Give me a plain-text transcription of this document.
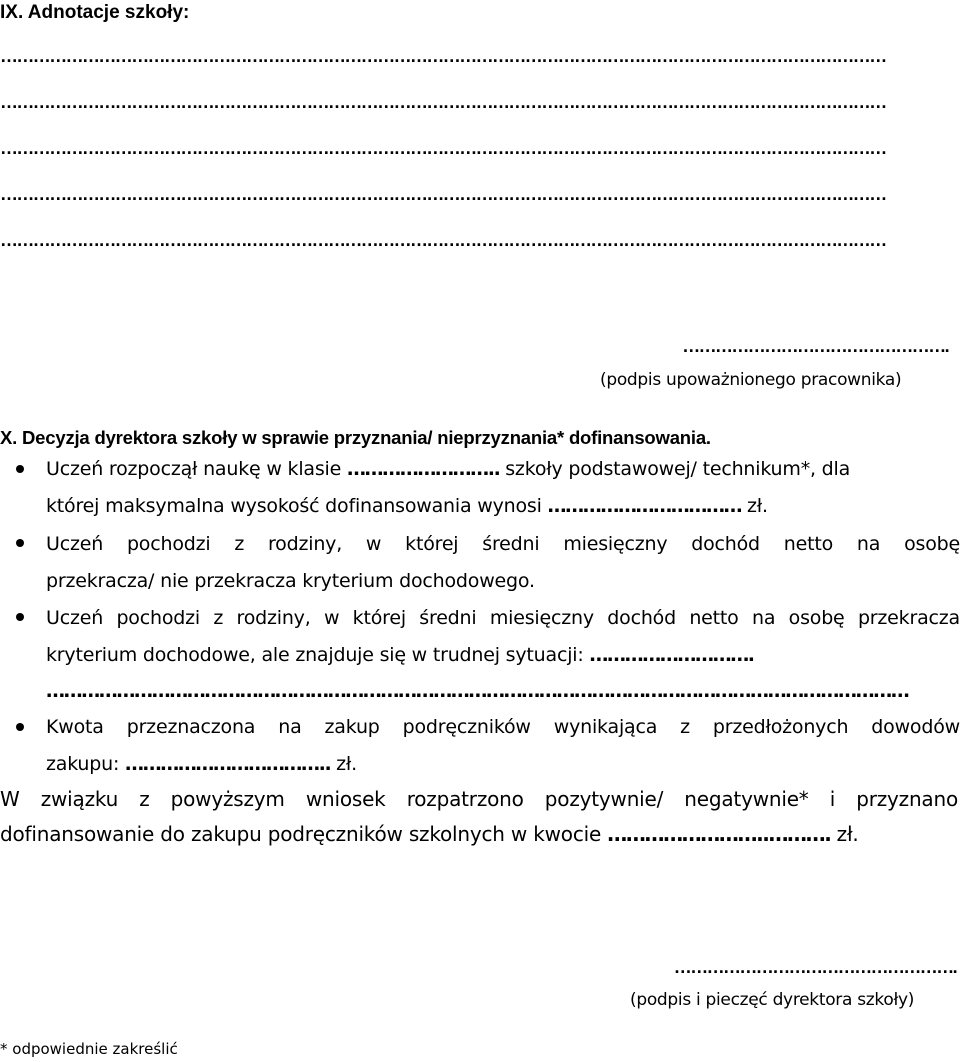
IX. Adnotacje szkoły:

………………………………………………………………………………………………………………………………………………

………………………………………………………………………………………………………………………………………………

………………………………………………………………………………………………………………………………………………

………………………………………………………………………………………………………………………………………………

………………………………………………………………………………………………………………………………………………

………………………………………….

(podpis upoważnionego pracownika)

X. Decyzja dyrektora szkoły w sprawie przyznania/ nieprzyznania* dofinansowania.

Uczeń rozpoczął naukę w klasie …………………….. szkoły podstawowej/ technikum*, dla

której maksymalna wysokość dofinansowania wynosi …………………………… zł.

Uczeń pochodzi z rodziny, w której średni miesięczny dochód netto na osobę

przekracza/ nie przekracza kryterium dochodowego.

Uczeń pochodzi z rodziny, w której średni miesięczny dochód netto na osobę przekracza

kryterium dochodowe, ale znajduje się w trudnej sytuacji: ……………………….

…………………………………………………………………………………………………………………………………

Kwota przeznaczona na zakup podręczników wynikająca z przedłożonych dowodów

zakupu: …………………………….. zł.

W związku z powyższym wniosek rozpatrzono pozytywnie/ negatywnie* i przyznano

dofinansowanie do zakupu podręczników szkolnych w kwocie ……………………..………. zł.

…………………………………………….

(podpis i pieczęć dyrektora szkoły)

* odpowiednie zakreślić
